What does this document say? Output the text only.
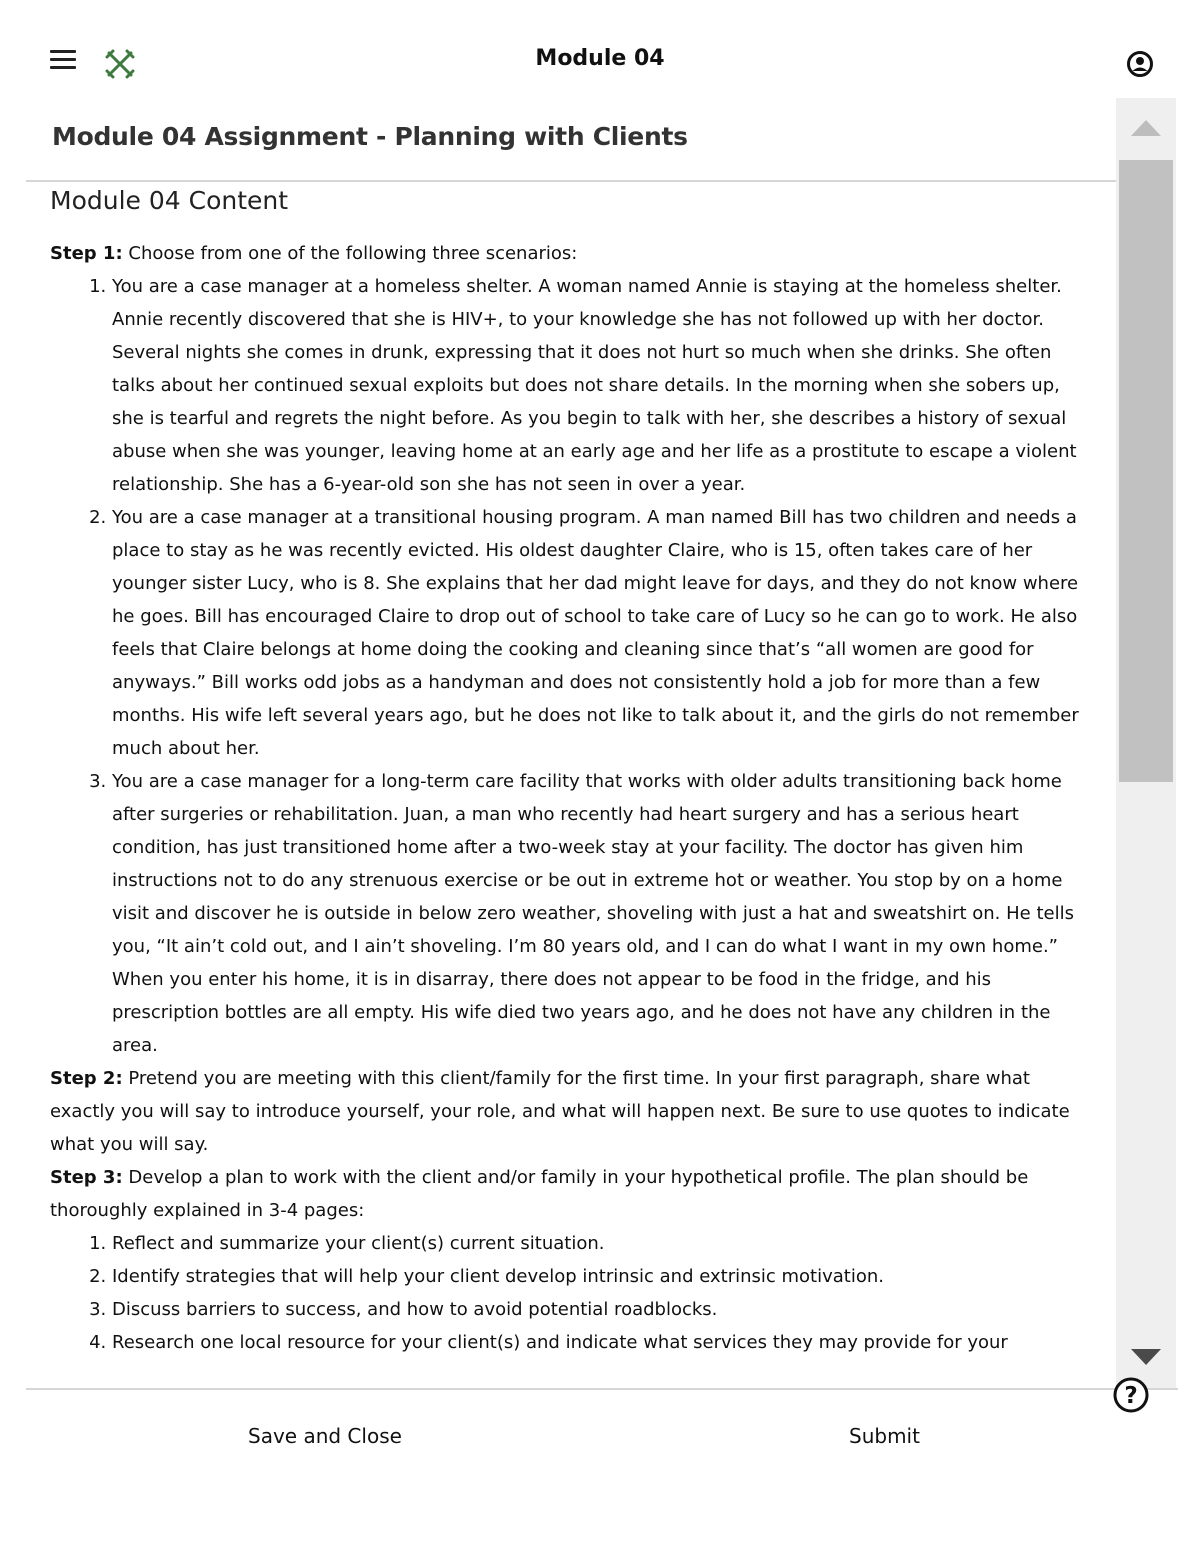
Module 04
Module 04 Assignment - Planning with Clients
Module 04 Content

Step 1: Choose from one of the following three scenarios:

1. You are a case manager at a homeless shelter. A woman named Annie is staying at the homeless shelter. Annie recently discovered that she is HIV+, to your knowledge she has not followed up with her doctor. Several nights she comes in drunk, expressing that it does not hurt so much when she drinks. She often talks about her continued sexual exploits but does not share details. In the morning when she sobers up, she is tearful and regrets the night before. As you begin to talk with her, she describes a history of sexual abuse when she was younger, leaving home at an early age and her life as a prostitute to escape a violent relationship. She has a 6-year-old son she has not seen in over a year.
2. You are a case manager at a transitional housing program. A man named Bill has two children and needs a place to stay as he was recently evicted. His oldest daughter Claire, who is 15, often takes care of her younger sister Lucy, who is 8. She explains that her dad might leave for days, and they do not know where he goes. Bill has encouraged Claire to drop out of school to take care of Lucy so he can go to work. He also feels that Claire belongs at home doing the cooking and cleaning since that’s “all women are good for anyways.” Bill works odd jobs as a handyman and does not consistently hold a job for more than a few months. His wife left several years ago, but he does not like to talk about it, and the girls do not remember much about her.
3. You are a case manager for a long-term care facility that works with older adults transitioning back home after surgeries or rehabilitation. Juan, a man who recently had heart surgery and has a serious heart condition, has just transitioned home after a two-week stay at your facility. The doctor has given him instructions not to do any strenuous exercise or be out in extreme hot or weather. You stop by on a home visit and discover he is outside in below zero weather, shoveling with just a hat and sweatshirt on. He tells you, “It ain’t cold out, and I ain’t shoveling. I’m 80 years old, and I can do what I want in my own home.” When you enter his home, it is in disarray, there does not appear to be food in the fridge, and his prescription bottles are all empty. His wife died two years ago, and he does not have any children in the area.

Step 2: Pretend you are meeting with this client/family for the first time. In your first paragraph, share what exactly you will say to introduce yourself, your role, and what will happen next. Be sure to use quotes to indicate what you will say.

Step 3: Develop a plan to work with the client and/or family in your hypothetical profile. The plan should be thoroughly explained in 3-4 pages:

1. Reflect and summarize your client(s) current situation.
2. Identify strategies that will help your client develop intrinsic and extrinsic motivation.
3. Discuss barriers to success, and how to avoid potential roadblocks.
4. Research one local resource for your client(s) and indicate what services they may provide for your
?
Save and Close	Submit
